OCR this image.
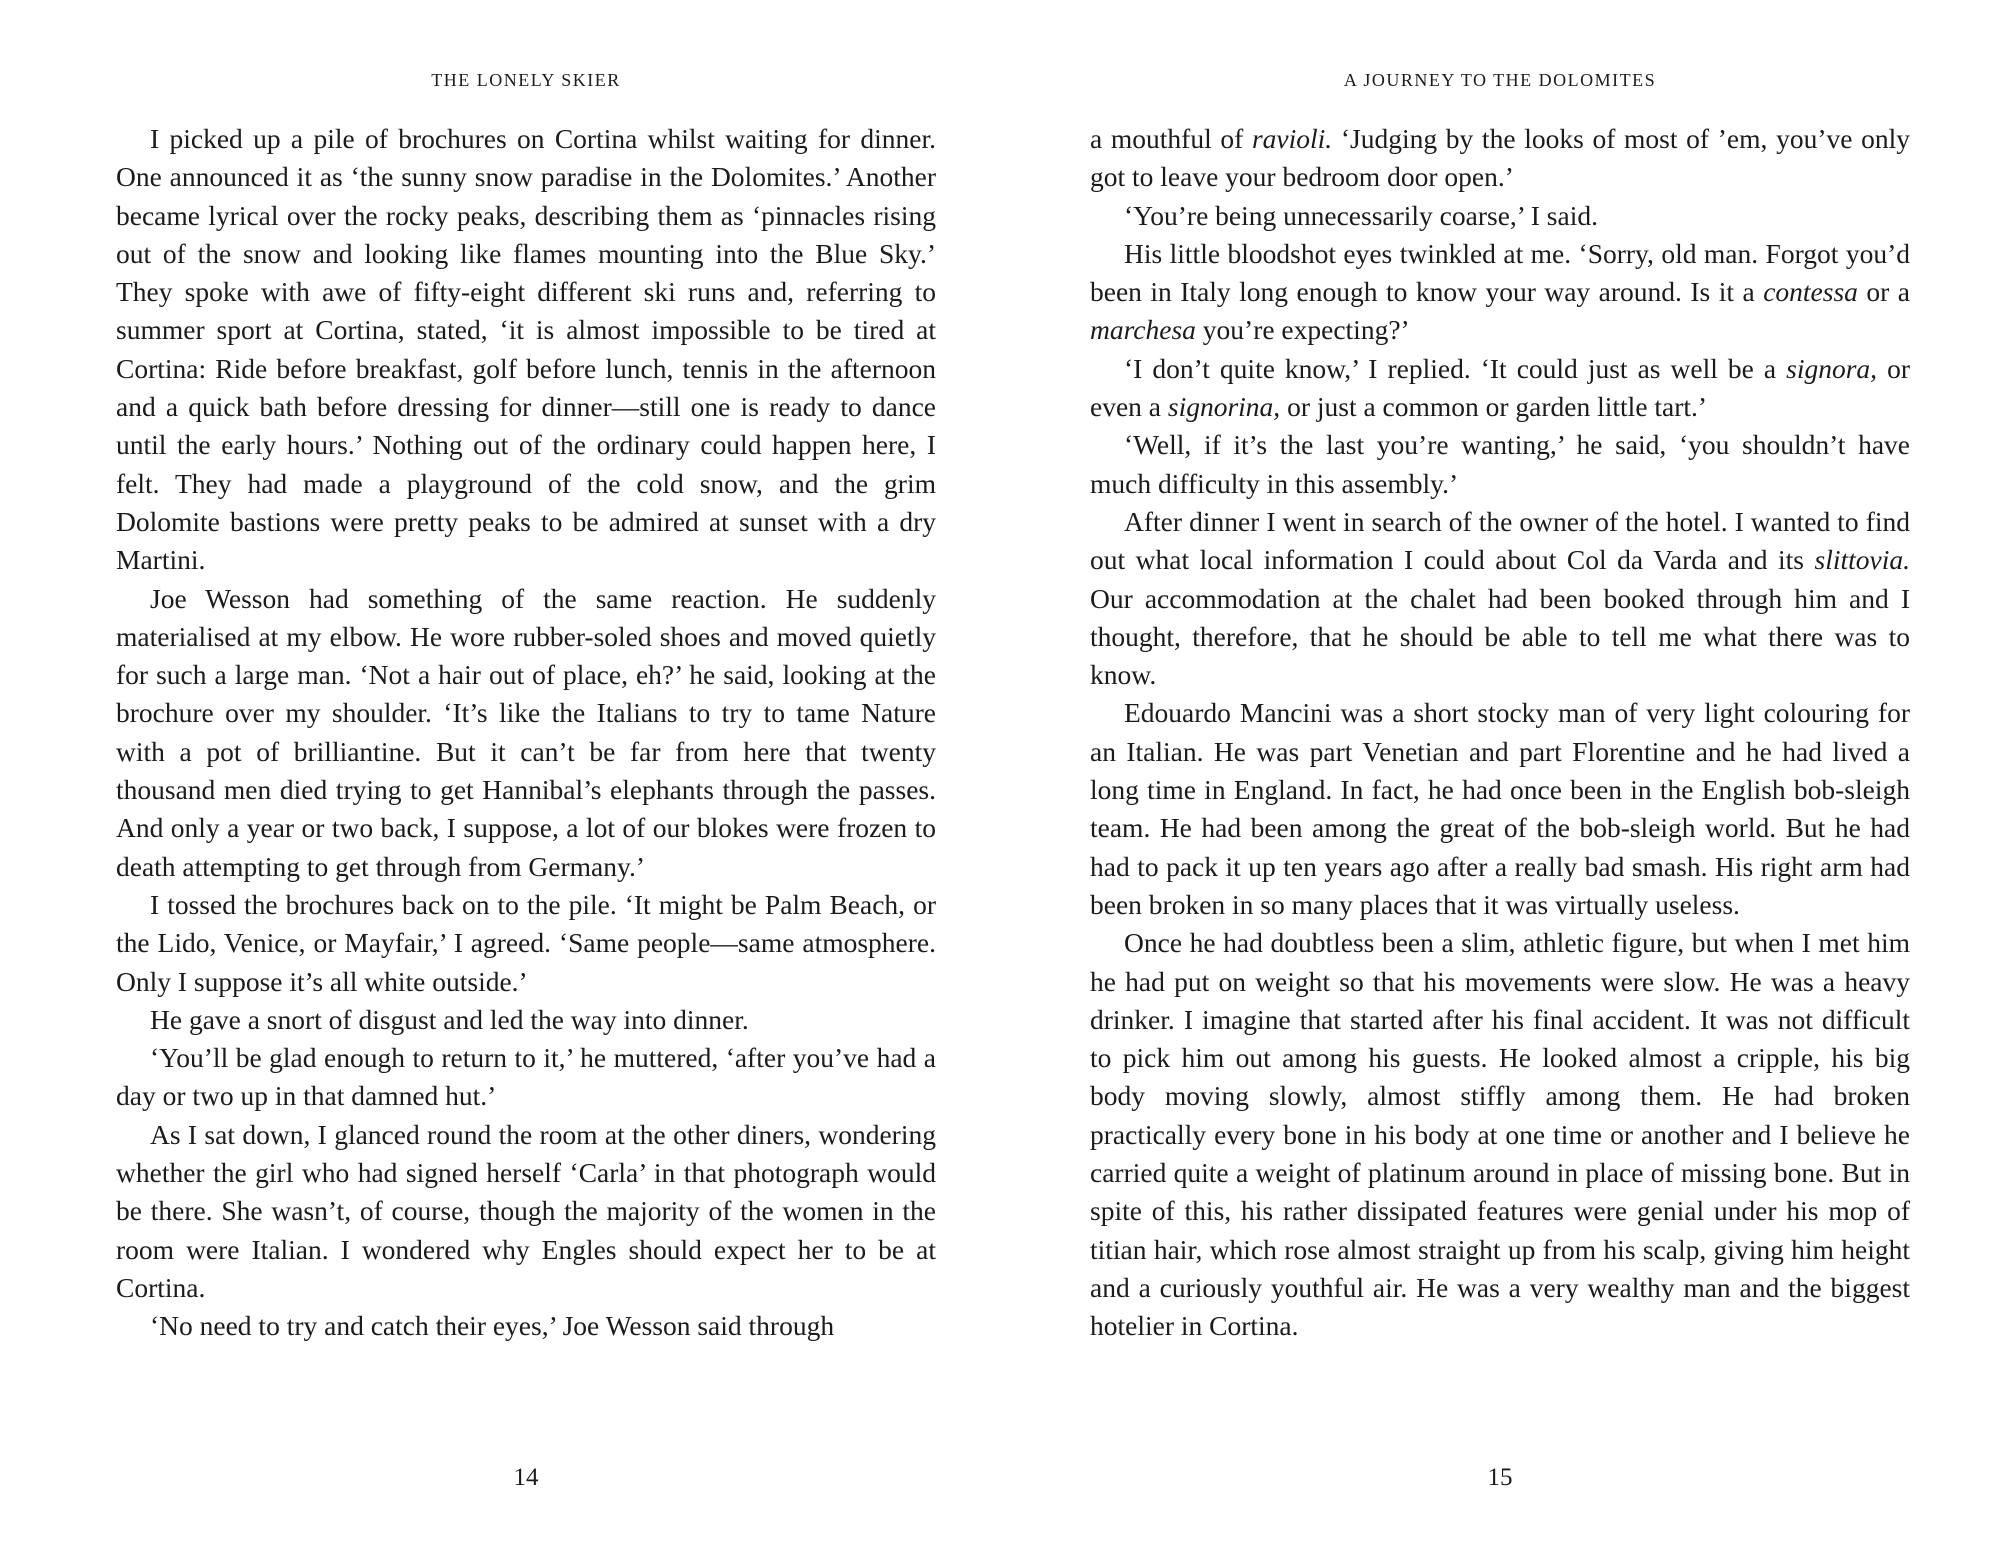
THE LONELY SKIER

I picked up a pile of brochures on Cortina whilst waiting for dinner. One announced it as ‘the sunny snow paradise in the Dolomites.’ Another became lyrical over the rocky peaks, describing them as ‘pinnacles rising out of the snow and looking like flames mounting into the Blue Sky.’ They spoke with awe of fifty-eight different ski runs and, referring to summer sport at Cortina, stated, ‘it is almost impossible to be tired at Cortina: Ride before breakfast, golf before lunch, tennis in the afternoon and a quick bath before dressing for dinner—still one is ready to dance until the early hours.’ Nothing out of the ordinary could happen here, I felt. They had made a playground of the cold snow, and the grim Dolomite bastions were pretty peaks to be admired at sunset with a dry Martini.

Joe Wesson had something of the same reaction. He suddenly materialised at my elbow. He wore rubber-soled shoes and moved quietly for such a large man. ‘Not a hair out of place, eh?’ he said, looking at the brochure over my shoulder. ‘It’s like the Italians to try to tame Nature with a pot of brilliantine. But it can’t be far from here that twenty thousand men died trying to get Hannibal’s elephants through the passes. And only a year or two back, I suppose, a lot of our blokes were frozen to death attempting to get through from Germany.’

I tossed the brochures back on to the pile. ‘It might be Palm Beach, or the Lido, Venice, or Mayfair,’ I agreed. ‘Same people—same atmosphere. Only I suppose it’s all white outside.’

He gave a snort of disgust and led the way into dinner.

‘You’ll be glad enough to return to it,’ he muttered, ‘after you’ve had a day or two up in that damned hut.’

As I sat down, I glanced round the room at the other diners, wondering whether the girl who had signed herself ‘Carla’ in that photograph would be there. She wasn’t, of course, though the majority of the women in the room were Italian. I wondered why Engles should expect her to be at Cortina.

‘No need to try and catch their eyes,’ Joe Wesson said through

14
A JOURNEY TO THE DOLOMITES

a mouthful of ravioli. ‘Judging by the looks of most of ’em, you’ve only got to leave your bedroom door open.’

‘You’re being unnecessarily coarse,’ I said.

His little bloodshot eyes twinkled at me. ‘Sorry, old man. Forgot you’d been in Italy long enough to know your way around. Is it a contessa or a marchesa you’re expecting?’

‘I don’t quite know,’ I replied. ‘It could just as well be a signora, or even a signorina, or just a common or garden little tart.’

‘Well, if it’s the last you’re wanting,’ he said, ‘you shouldn’t have much difficulty in this assembly.’

After dinner I went in search of the owner of the hotel. I wanted to find out what local information I could about Col da Varda and its slittovia. Our accommodation at the chalet had been booked through him and I thought, therefore, that he should be able to tell me what there was to know.

Edouardo Mancini was a short stocky man of very light colouring for an Italian. He was part Venetian and part Florentine and he had lived a long time in England. In fact, he had once been in the English bob-sleigh team. He had been among the great of the bob-sleigh world. But he had had to pack it up ten years ago after a really bad smash. His right arm had been broken in so many places that it was virtually useless.

Once he had doubtless been a slim, athletic figure, but when I met him he had put on weight so that his movements were slow. He was a heavy drinker. I imagine that started after his final accident. It was not difficult to pick him out among his guests. He looked almost a cripple, his big body moving slowly, almost stiffly among them. He had broken practically every bone in his body at one time or another and I believe he carried quite a weight of platinum around in place of missing bone. But in spite of this, his rather dissipated features were genial under his mop of titian hair, which rose almost straight up from his scalp, giving him height and a curiously youthful air. He was a very wealthy man and the biggest hotelier in Cortina.

15
